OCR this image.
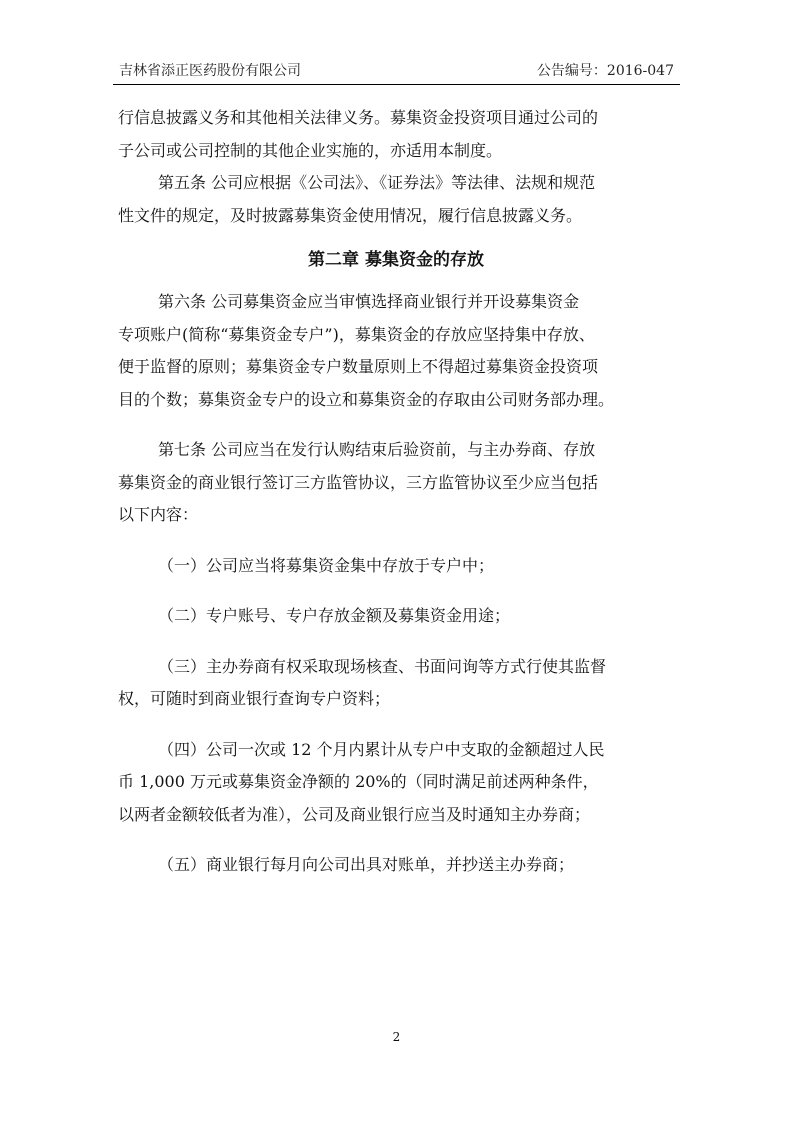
吉林省添正医药股份有限公司	公告编号：2016-047

行信息披露义务和其他相关法律义务。募集资金投资项目通过公司的

子公司或公司控制的其他企业实施的，亦适用本制度。

第五条 公司应根据《公司法》、《证券法》等法律、法规和规范

性文件的规定，及时披露募集资金使用情况，履行信息披露义务。

第二章 募集资金的存放

第六条 公司募集资金应当审慎选择商业银行并开设募集资金

专项账户(简称“募集资金专户”)，募集资金的存放应坚持集中存放、

便于监督的原则；募集资金专户数量原则上不得超过募集资金投资项

目的个数；募集资金专户的设立和募集资金的存取由公司财务部办理。

第七条 公司应当在发行认购结束后验资前，与主办券商、存放

募集资金的商业银行签订三方监管协议，三方监管协议至少应当包括

以下内容：

（一）公司应当将募集资金集中存放于专户中；

（二）专户账号、专户存放金额及募集资金用途；

（三）主办券商有权采取现场核查、书面问询等方式行使其监督

权，可随时到商业银行查询专户资料；

（四）公司一次或 12 个月内累计从专户中支取的金额超过人民

币 1,000 万元或募集资金净额的 20%的（同时满足前述两种条件，

以两者金额较低者为准），公司及商业银行应当及时通知主办券商；

（五）商业银行每月向公司出具对账单，并抄送主办券商；

2
